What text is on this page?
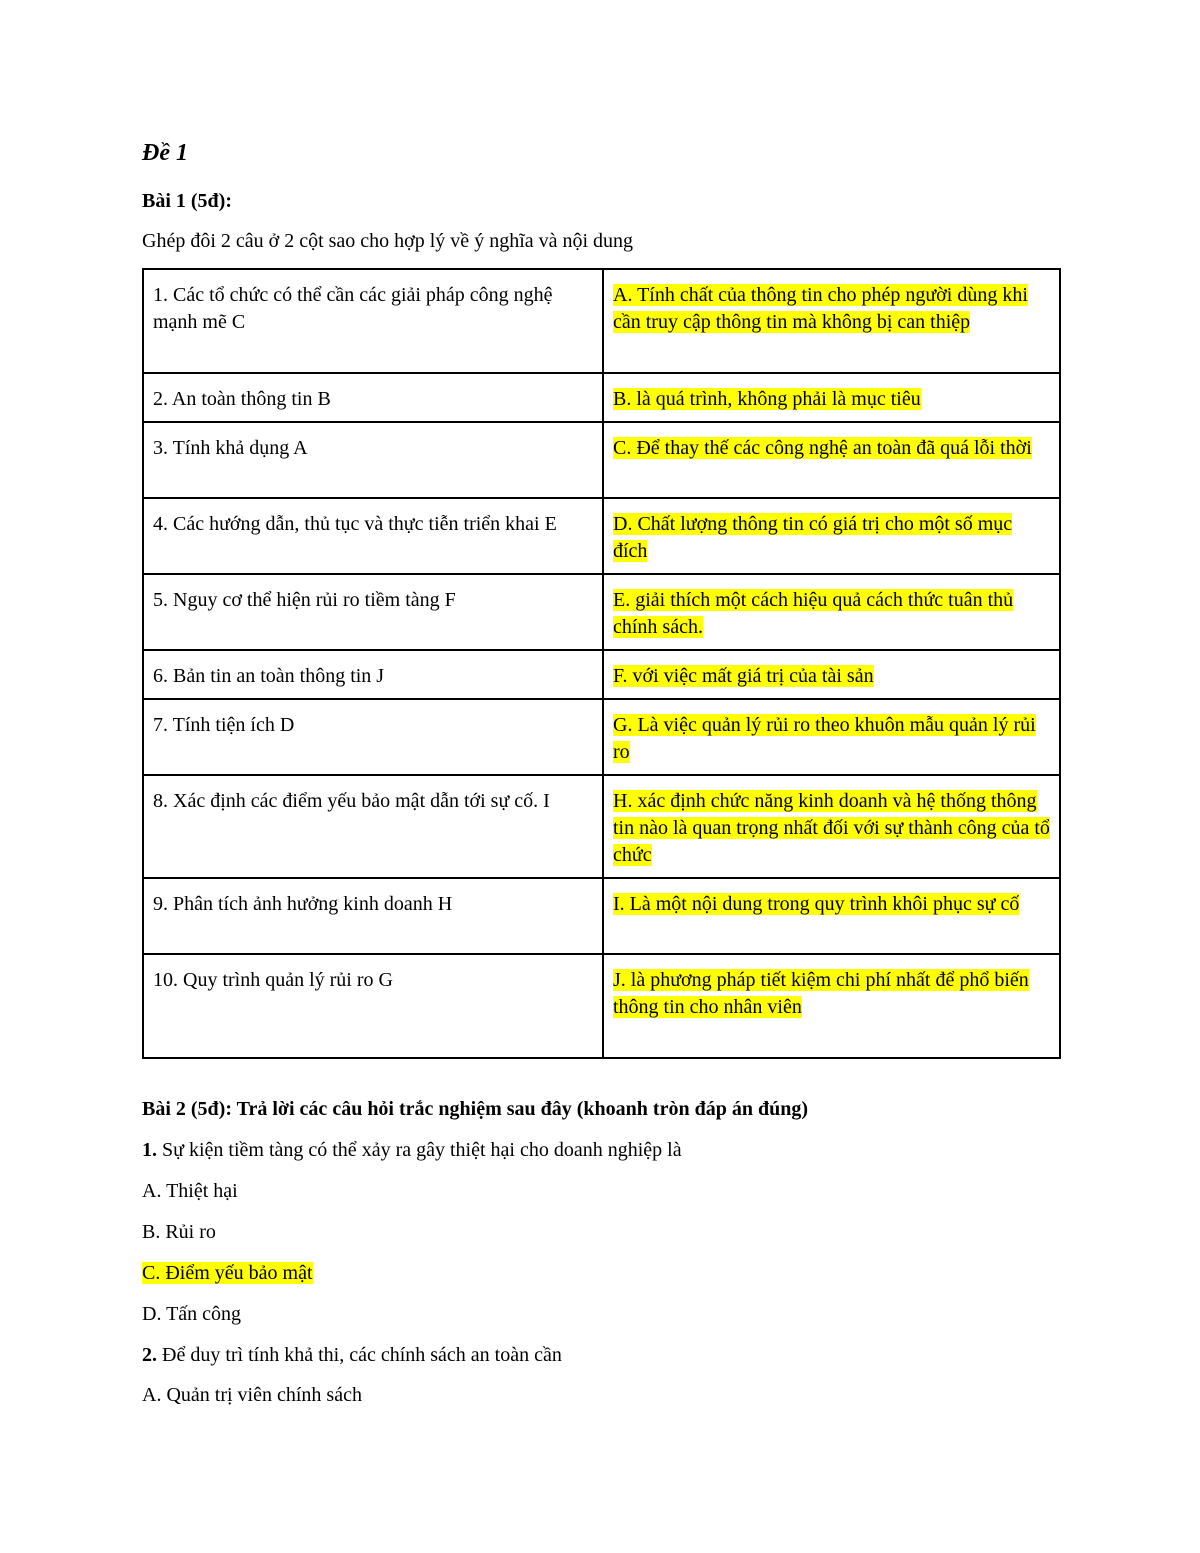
Đề 1
Bài 1 (5đ):
Ghép đôi 2 câu ở 2 cột sao cho hợp lý về ý nghĩa và nội dung
1. Các tổ chức có thể cần các giải pháp công nghệ mạnh mẽ C	A. Tính chất của thông tin cho phép người dùng khi cần truy cập thông tin mà không bị can thiệp
2. An toàn thông tin B	B. là quá trình, không phải là mục tiêu
3. Tính khả dụng A	C. Để thay thế các công nghệ an toàn đã quá lỗi thời
4. Các hướng dẫn, thủ tục và thực tiễn triển khai E	D. Chất lượng thông tin có giá trị cho một số mục đích
5. Nguy cơ thể hiện rủi ro tiềm tàng F	E. giải thích một cách hiệu quả cách thức tuân thủ chính sách.
6. Bản tin an toàn thông tin J	F. với việc mất giá trị của tài sản
7. Tính tiện ích D	G. Là việc quản lý rủi ro theo khuôn mẫu quản lý rủi ro
8. Xác định các điểm yếu bảo mật dẫn tới sự cố. I	H. xác định chức năng kinh doanh và hệ thống thông tin nào là quan trọng nhất đối với sự thành công của tổ chức
9. Phân tích ảnh hưởng kinh doanh H	I. Là một nội dung trong quy trình khôi phục sự cố
10. Quy trình quản lý rủi ro G	J. là phương pháp tiết kiệm chi phí nhất để phổ biến thông tin cho nhân viên
Bài 2 (5đ): Trả lời các câu hỏi trắc nghiệm sau đây (khoanh tròn đáp án đúng)
1. Sự kiện tiềm tàng có thể xảy ra gây thiệt hại cho doanh nghiệp là
A. Thiệt hại
B. Rủi ro
C. Điểm yếu bảo mật
D. Tấn công
2. Để duy trì tính khả thi, các chính sách an toàn cần
A. Quản trị viên chính sách
